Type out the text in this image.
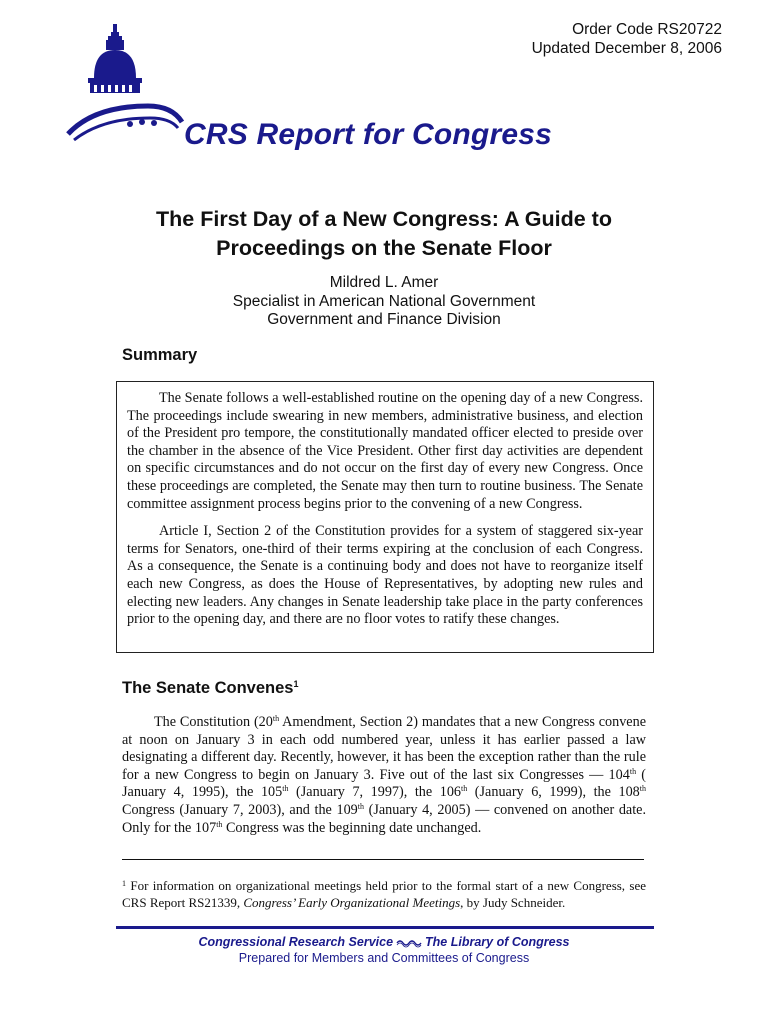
Order Code RS20722
Updated December 8, 2006
CRS Report for Congress
The First Day of a New Congress: A Guide to
Proceedings on the Senate Floor
Mildred L. Amer
Specialist in American National Government
Government and Finance Division
Summary

The Senate follows a well-established routine on the opening day of a new Congress. The proceedings include swearing in new members, administrative business, and election of the President pro tempore, the constitutionally mandated officer elected to preside over the chamber in the absence of the Vice President. Other first day activities are dependent on specific circumstances and do not occur on the first day of every new Congress. Once these proceedings are completed, the Senate may then turn to routine business. The Senate committee assignment process begins prior to the convening of a new Congress.

Article I, Section 2 of the Constitution provides for a system of staggered six-year terms for Senators, one-third of their terms expiring at the conclusion of each Congress. As a consequence, the Senate is a continuing body and does not have to reorganize itself each new Congress, as does the House of Representatives, by adopting new rules and electing new leaders. Any changes in Senate leadership take place in the party conferences prior to the opening day, and there are no floor votes to ratify these changes.

The Senate Convenes$^1$

The Constitution (20th Amendment, Section 2) mandates that a new Congress convene at noon on January 3 in each odd numbered year, unless it has earlier passed a law designating a different day. Recently, however, it has been the exception rather than the rule for a new Congress to begin on January 3. Five out of the last six Congresses — 104th ( January 4, 1995), the 105th (January 7, 1997), the 106th (January 6, 1999), the 108th Congress (January 7, 2003), and the 109th (January 4, 2005) — convened on another date. Only for the 107th Congress was the beginning date unchanged.

$^1$ For information on organizational meetings held prior to the formal start of a new Congress, see CRS Report RS21339, Congress’ Early Organizational Meetings, by Judy Schneider.
Congressional Research Service	The Library of Congress
Prepared for Members and Committees of Congress
